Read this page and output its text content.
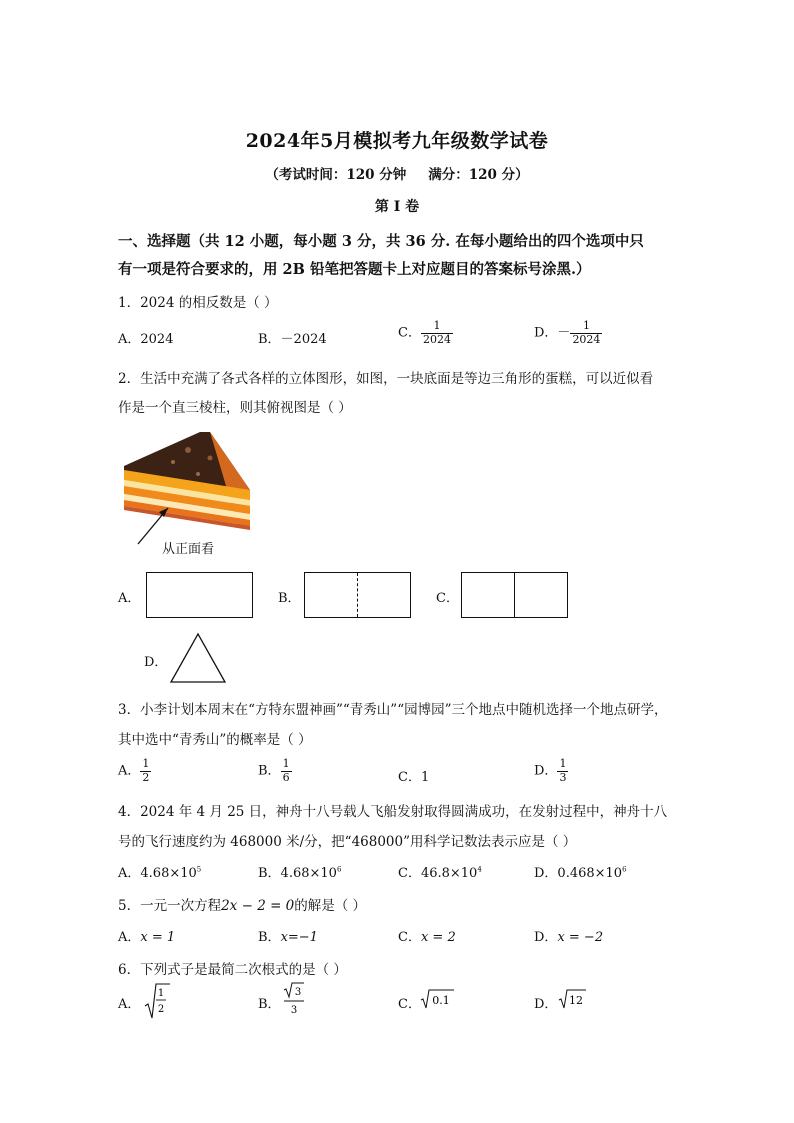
2024年5月模拟考九年级数学试卷
（考试时间：120 分钟 满分：120 分）
第 I 卷
一、选择题（共 12 小题，每小题 3 分，共 36 分. 在每小题给出的四个选项中只
有一项是符合要求的，用 2B 铅笔把答题卡上对应题目的答案标号涂黑.）
1．2024 的相反数是（ ）
A．2024	B．－2024	C． $\frac{1}{2024}$	D．－ $\frac{1}{2024}$
2．生活中充满了各式各样的立体图形，如图，一块底面是等边三角形的蛋糕，可以近似看
作是一个直三棱柱，则其俯视图是（ ）
从正面看
A．	B．	C．
D．
3．小李计划本周末在“方特东盟神画”“青秀山”“园博园”三个地点中随机选择一个地点研学，
其中选中“青秀山”的概率是（ ）
A． $\frac{1}{2}$	B． $\frac{1}{6}$	C．1	D． $\frac{1}{3}$
4．2024 年 4 月 25 日，神舟十八号载人飞船发射取得圆满成功，在发射过程中，神舟十八
号的飞行速度约为 468000 米/分，把“468000”用科学记数法表示应是（ ）
A．$4.68\times 10^5$	B．$4.68\times 10^6$	C．$46.8\times 10^4$	D．$0.468\times 10^6$
5．一元一次方程2x − 2 = 0的解是（ ）
A．x = 1	B．x=−1	C．x = 2	D．x = −2
6．下列式子是最简二次根式的是（ ）
A．
1
2	B．
3
3	C． 0.1	D． 12
